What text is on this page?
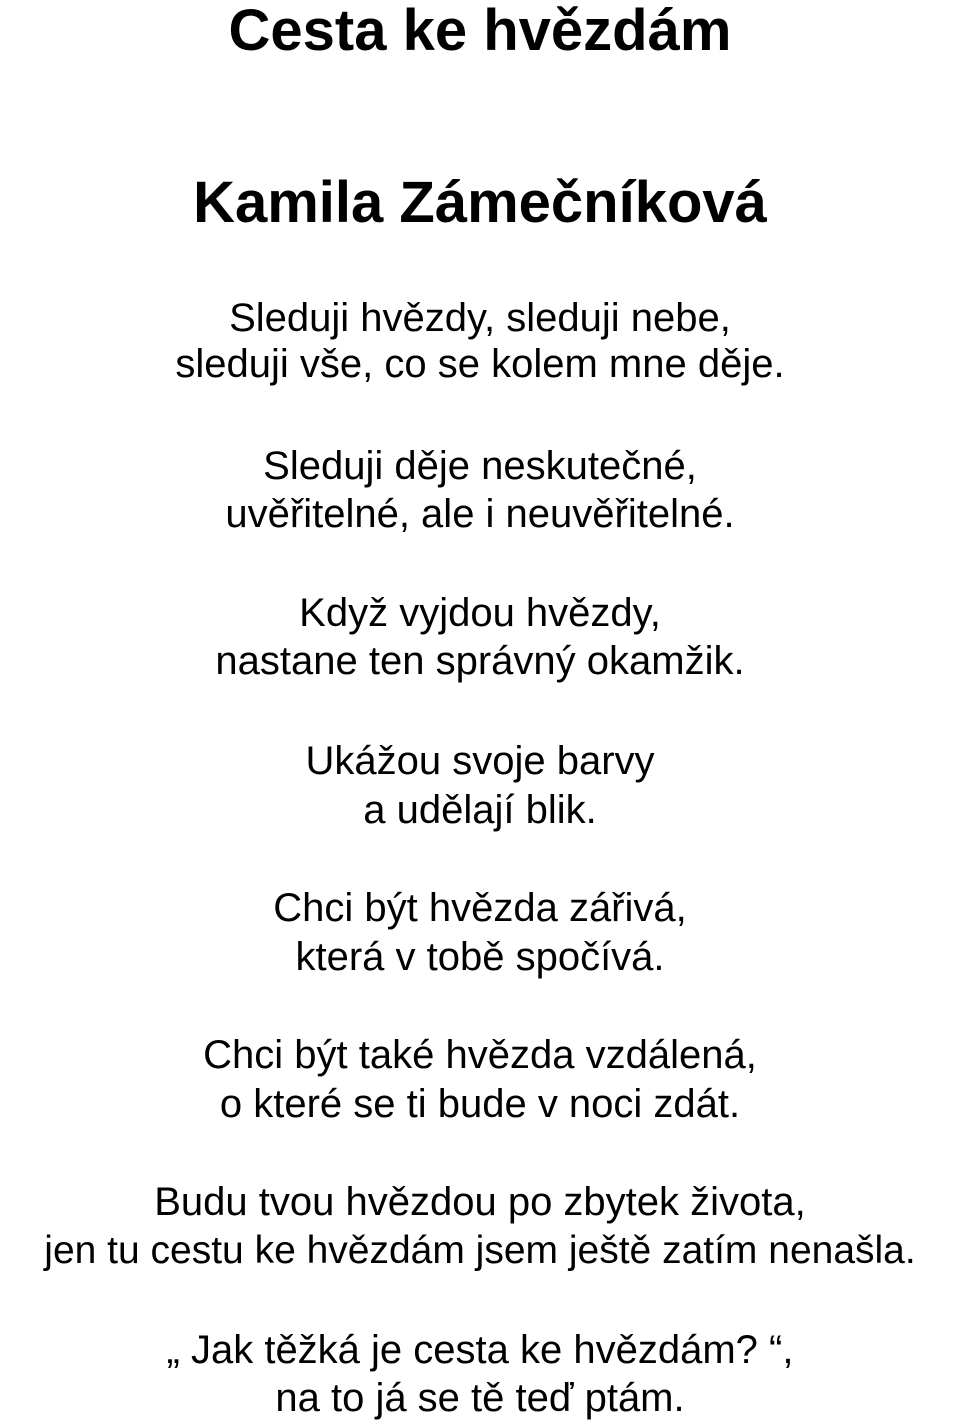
Cesta ke hvězdám
Kamila Zámečníková
Sleduji hvězdy, sleduji nebe,
sleduji vše, co se kolem mne děje.
Sleduji děje neskutečné,
uvěřitelné, ale i neuvěřitelné.
Když vyjdou hvězdy,
nastane ten správný okamžik.
Ukážou svoje barvy
a udělají blik.
Chci být hvězda zářivá,
která v tobě spočívá.
Chci být také hvězda vzdálená,
o které se ti bude v noci zdát.
Budu tvou hvězdou po zbytek života,
jen tu cestu ke hvězdám jsem ještě zatím nenašla.
„ Jak těžká je cesta ke hvězdám? “,
na to já se tě teď ptám.
